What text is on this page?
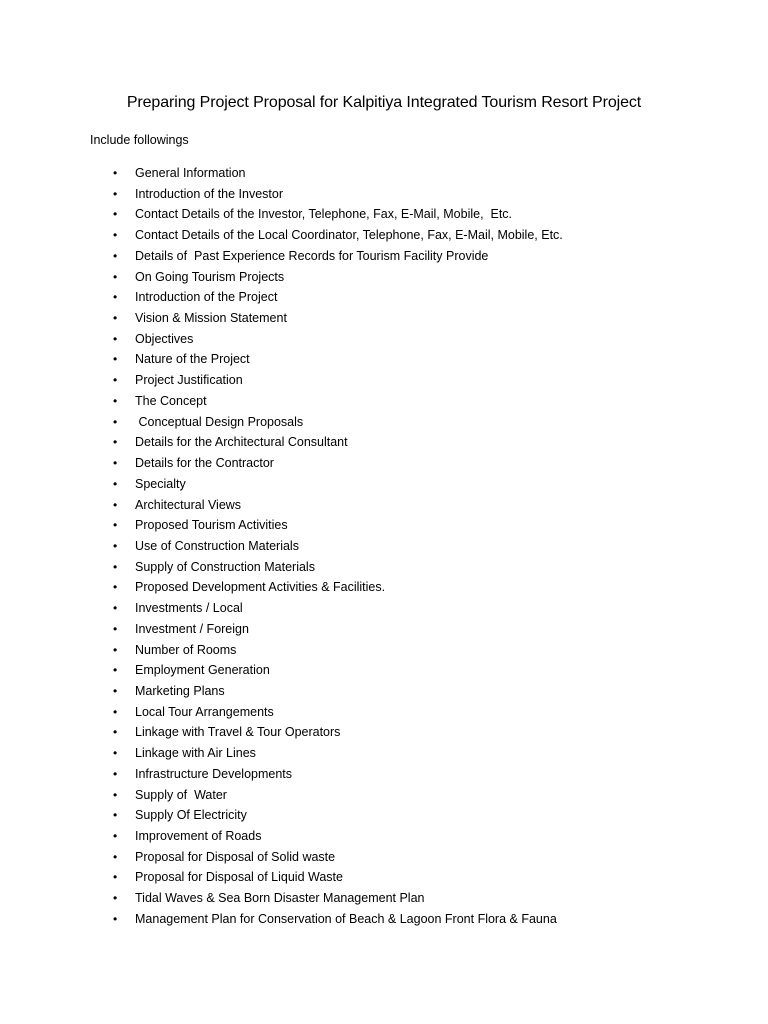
Preparing Project Proposal for Kalpitiya Integrated Tourism Resort Project
Include followings
•	General Information
•	Introduction of the Investor
•	Contact Details of the Investor, Telephone, Fax, E-Mail, Mobile,  Etc.
•	Contact Details of the Local Coordinator, Telephone, Fax, E-Mail, Mobile, Etc.
•	Details of  Past Experience Records for Tourism Facility Provide
•	On Going Tourism Projects
•	Introduction of the Project
•	Vision & Mission Statement
•	Objectives
•	Nature of the Project
•	Project Justification
•	The Concept
•	Conceptual Design Proposals
•	Details for the Architectural Consultant
•	Details for the Contractor
•	Specialty
•	Architectural Views
•	Proposed Tourism Activities
•	Use of Construction Materials
•	Supply of Construction Materials
•	Proposed Development Activities & Facilities.
•	Investments / Local
•	Investment / Foreign
•	Number of Rooms
•	Employment Generation
•	Marketing Plans
•	Local Tour Arrangements
•	Linkage with Travel & Tour Operators
•	Linkage with Air Lines
•	Infrastructure Developments
•	Supply of  Water
•	Supply Of Electricity
•	Improvement of Roads
•	Proposal for Disposal of Solid waste
•	Proposal for Disposal of Liquid Waste
•	Tidal Waves & Sea Born Disaster Management Plan
•	Management Plan for Conservation of Beach & Lagoon Front Flora & Fauna
